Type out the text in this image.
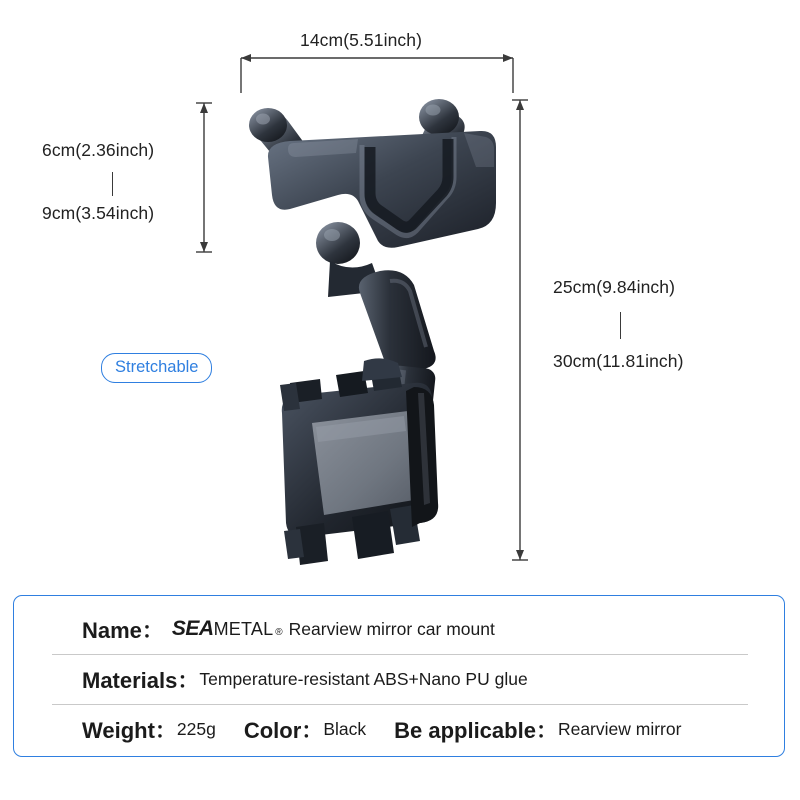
14cm(5.51inch)
6cm(2.36inch)
9cm(3.54inch)
25cm(9.84inch)
30cm(11.81inch)
Stretchable
Name： SEA METAL ® Rearview mirror car mount
Materials： Temperature-resistant ABS+Nano PU glue
Weight： 225g Color： Black Be applicable： Rearview mirror
